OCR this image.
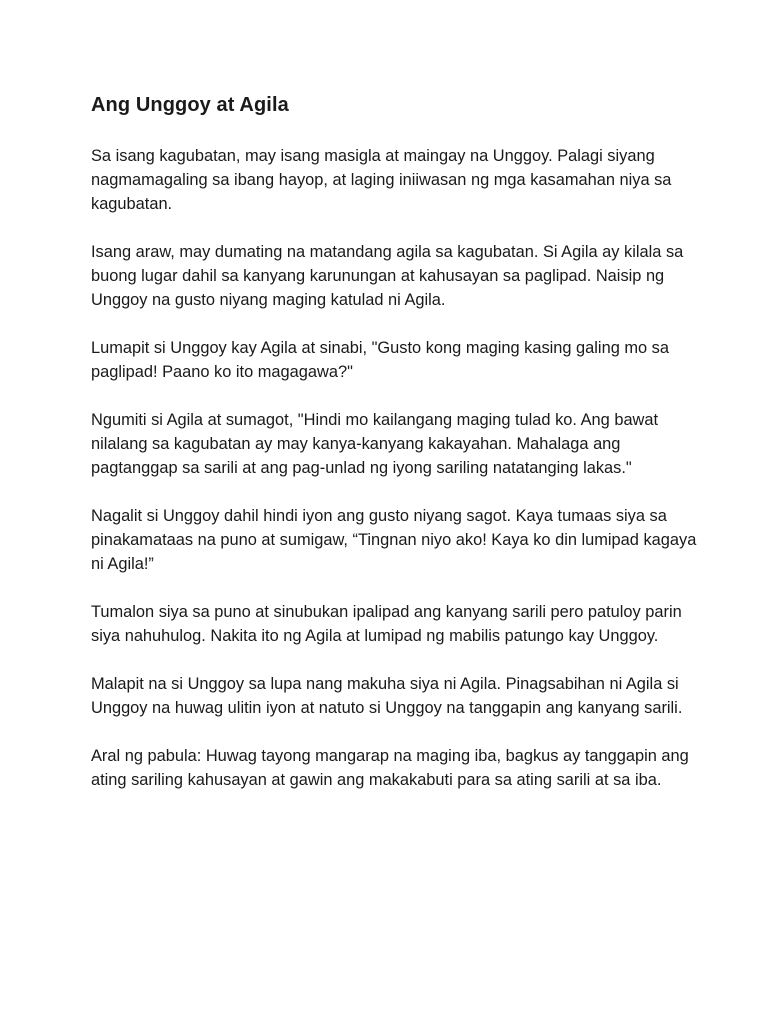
Ang Unggoy at Agila

Sa isang kagubatan, may isang masigla at maingay na Unggoy. Palagi siyang nagmamagaling sa ibang hayop, at laging iniiwasan ng mga kasamahan niya sa kagubatan.

Isang araw, may dumating na matandang agila sa kagubatan. Si Agila ay kilala sa buong lugar dahil sa kanyang karunungan at kahusayan sa paglipad. Naisip ng Unggoy na gusto niyang maging katulad ni Agila.

Lumapit si Unggoy kay Agila at sinabi, "Gusto kong maging kasing galing mo sa paglipad! Paano ko ito magagawa?"

Ngumiti si Agila at sumagot, "Hindi mo kailangang maging tulad ko. Ang bawat nilalang sa kagubatan ay may kanya-kanyang kakayahan. Mahalaga ang pagtanggap sa sarili at ang pag-unlad ng iyong sariling natatanging lakas."

Nagalit si Unggoy dahil hindi iyon ang gusto niyang sagot. Kaya tumaas siya sa pinakamataas na puno at sumigaw, “Tingnan niyo ako! Kaya ko din lumipad kagaya ni Agila!”

Tumalon siya sa puno at sinubukan ipalipad ang kanyang sarili pero patuloy parin siya nahuhulog. Nakita ito ng Agila at lumipad ng mabilis patungo kay Unggoy.

Malapit na si Unggoy sa lupa nang makuha siya ni Agila. Pinagsabihan ni Agila si Unggoy na huwag ulitin iyon at natuto si Unggoy na tanggapin ang kanyang sarili.

Aral ng pabula: Huwag tayong mangarap na maging iba, bagkus ay tanggapin ang ating sariling kahusayan at gawin ang makakabuti para sa ating sarili at sa iba.
